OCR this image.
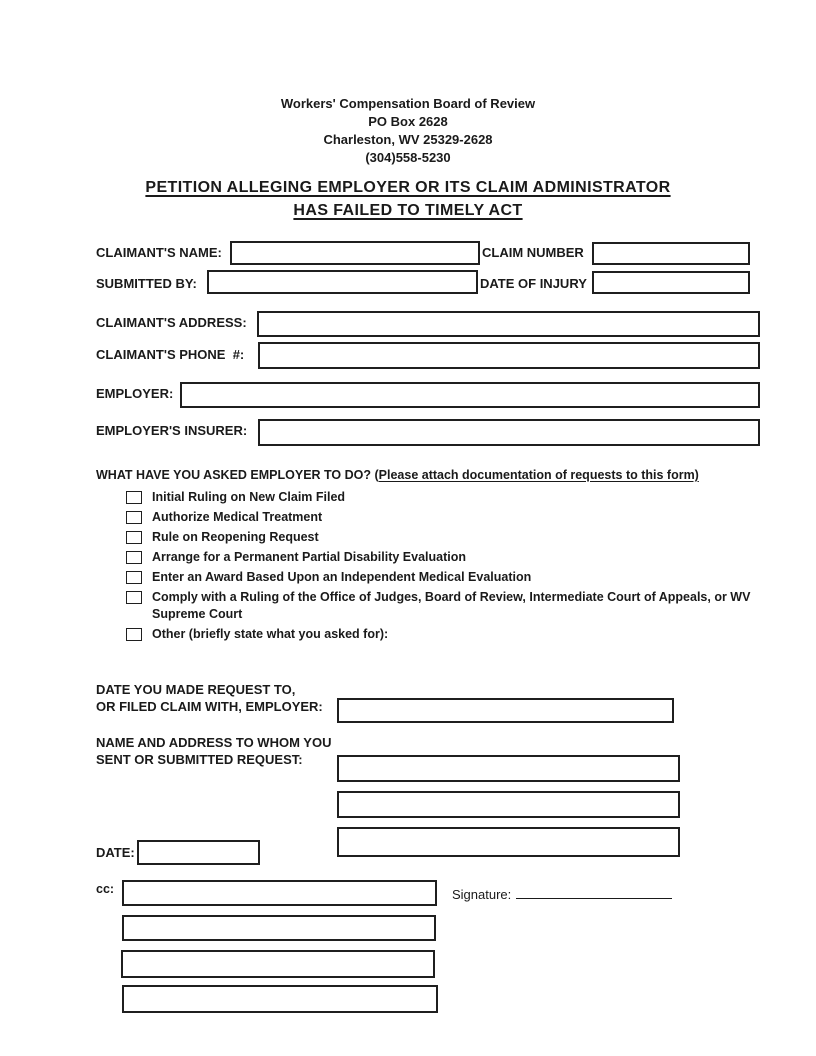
Workers' Compensation Board of Review
PO Box 2628
Charleston, WV 25329-2628
(304)558-5230
PETITION ALLEGING EMPLOYER OR ITS CLAIM ADMINISTRATOR
HAS FAILED TO TIMELY ACT
CLAIMANT'S NAME:	CLAIM NUMBER
SUBMITTED BY:	DATE OF INJURY
CLAIMANT'S ADDRESS:
CLAIMANT'S PHONE  #:
EMPLOYER:
EMPLOYER'S INSURER:
WHAT HAVE YOU ASKED EMPLOYER TO DO? (Please attach documentation of requests to this form)
Initial Ruling on New Claim Filed
Authorize Medical Treatment
Rule on Reopening Request
Arrange for a Permanent Partial Disability Evaluation
Enter an Award Based Upon an Independent Medical Evaluation
Comply with a Ruling of the Office of Judges, Board of Review, Intermediate Court of Appeals, or WV Supreme Court
Other (briefly state what you asked for):
DATE YOU MADE REQUEST TO,
OR FILED CLAIM WITH, EMPLOYER:
NAME AND ADDRESS TO WHOM YOU
SENT OR SUBMITTED REQUEST:
DATE:
cc:	Signature:
